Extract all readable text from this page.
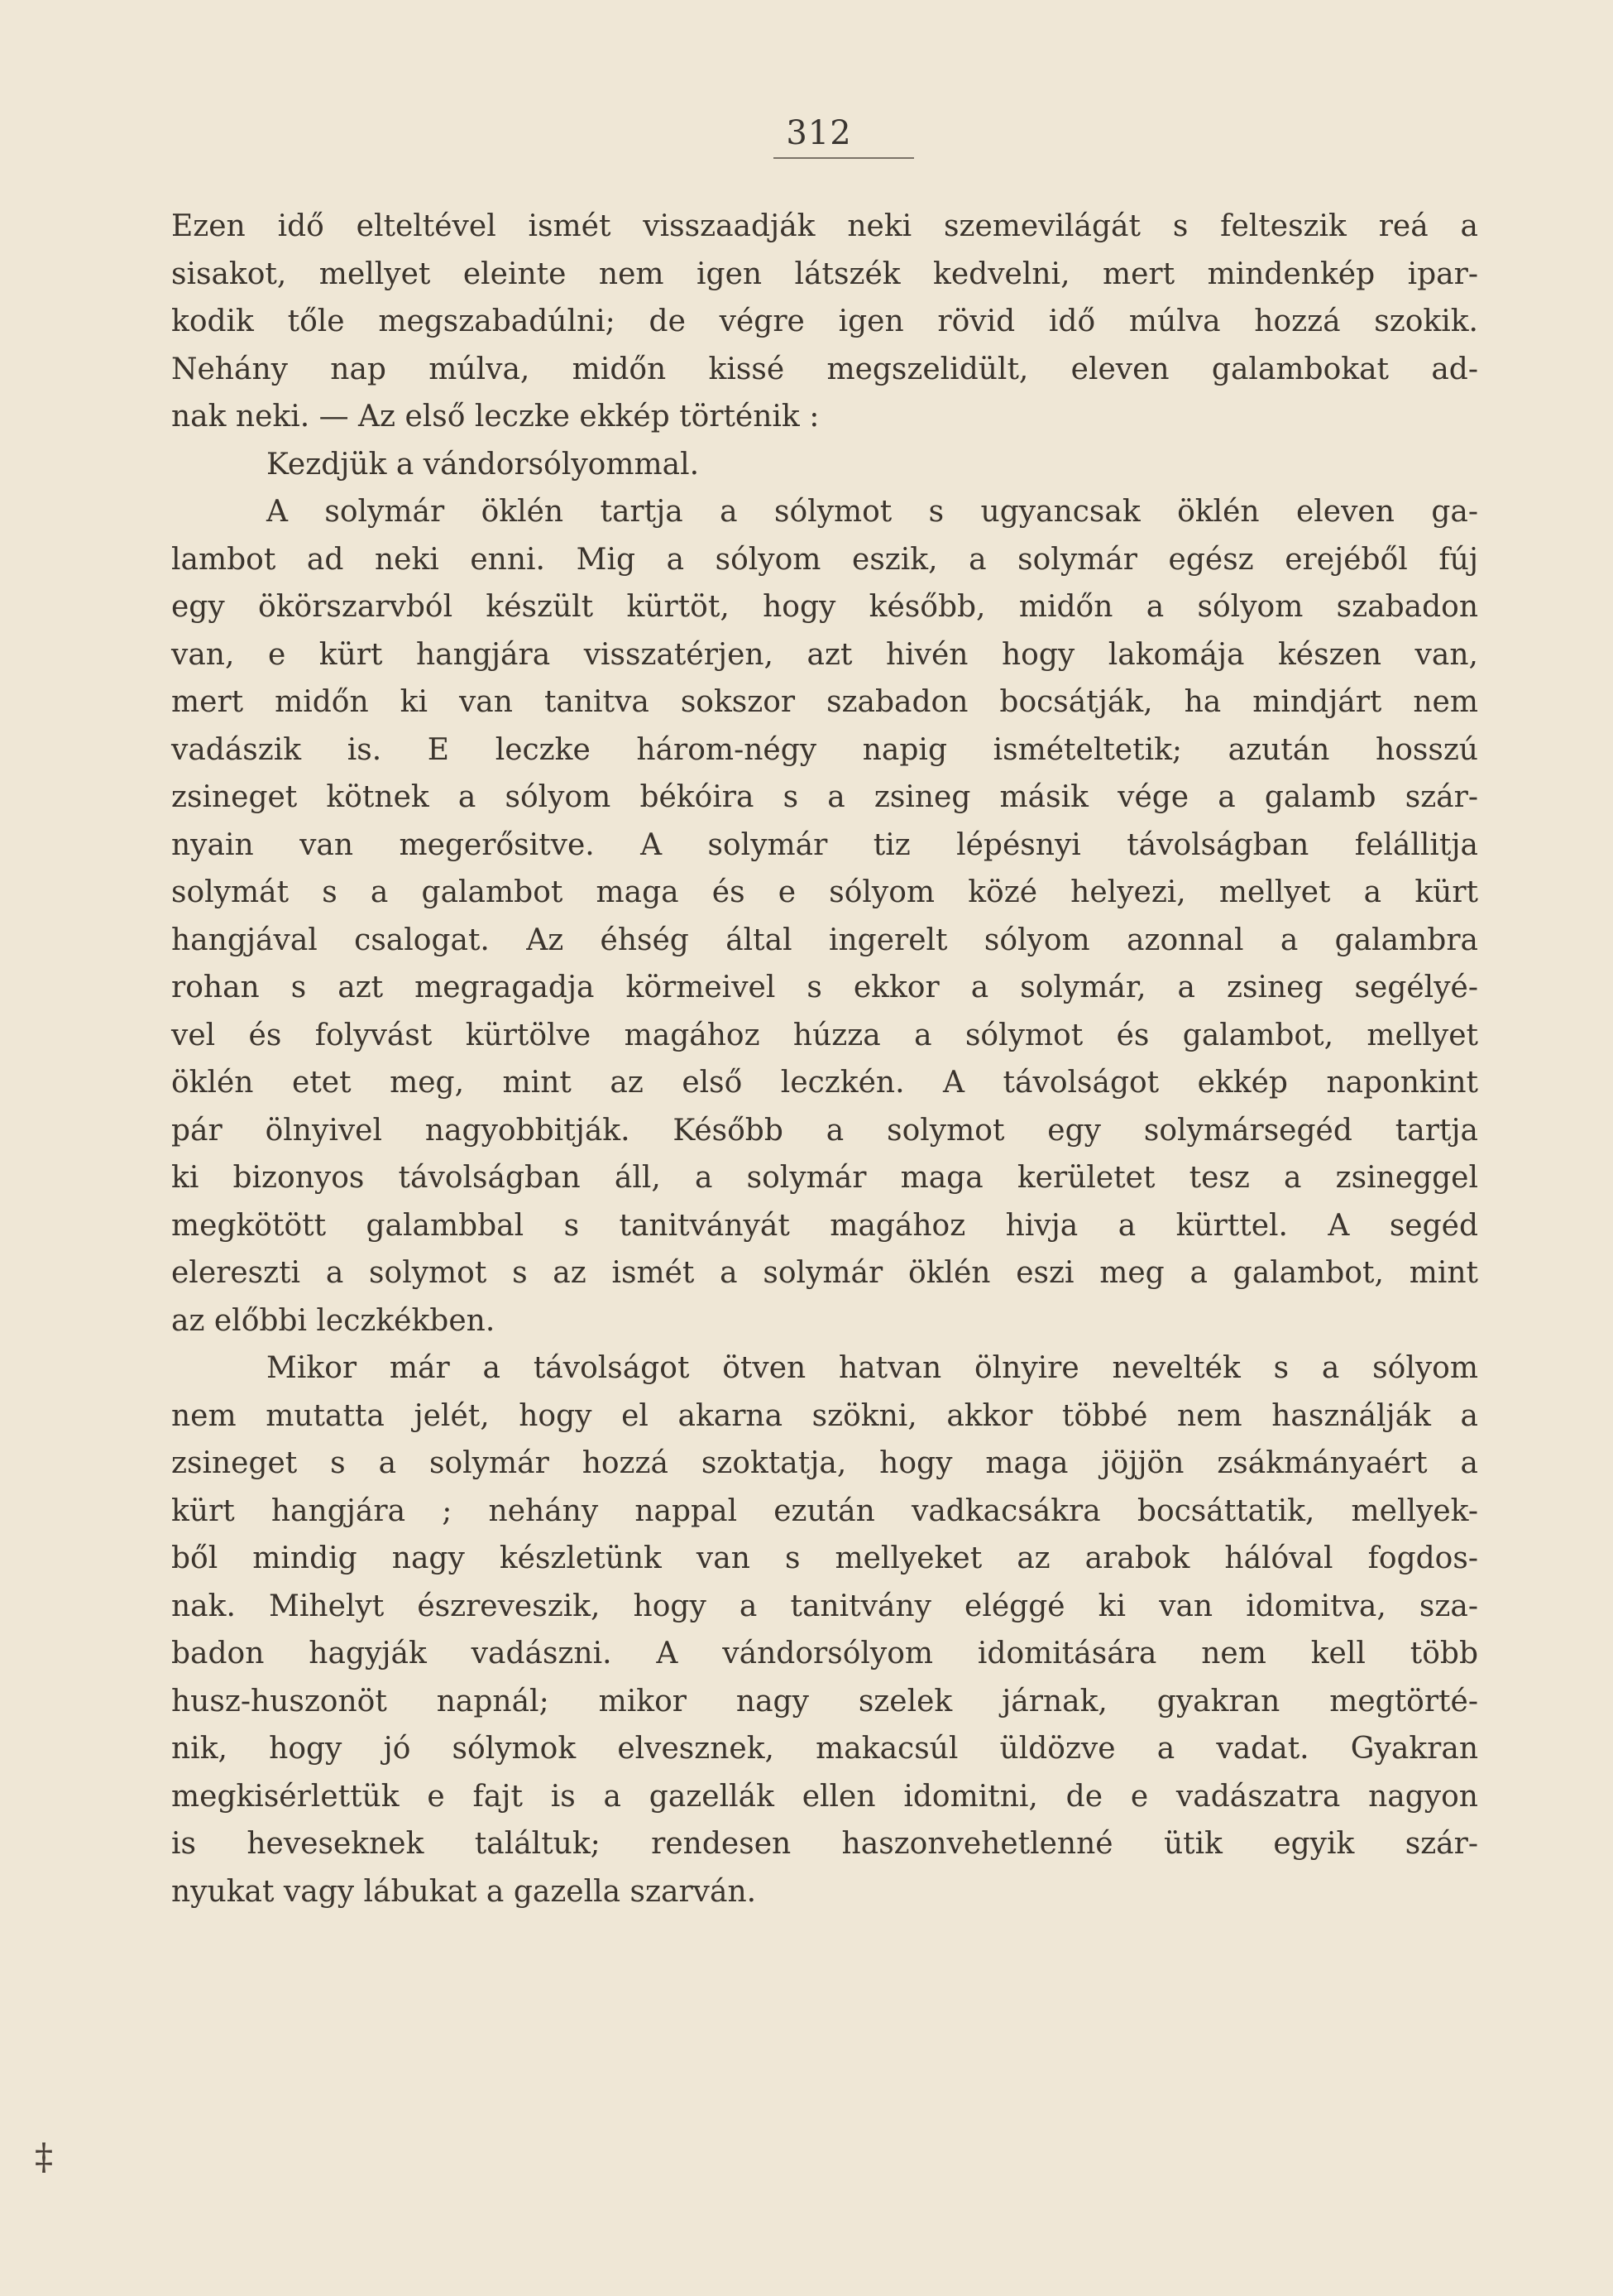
312
Ezen idő elteltével ismét visszaadják neki szemevilágát s felteszik reá a
sisakot, mellyet eleinte nem igen látszék kedvelni, mert mindenkép ipar-
kodik tőle megszabadúlni; de végre igen rövid idő múlva hozzá szokik.
Nehány nap múlva, midőn kissé megszelidült, eleven galambokat ad-
nak neki. — Az első leczke ekkép történik :
Kezdjük a vándorsólyommal.
A solymár öklén tartja a sólymot s ugyancsak öklén eleven ga-
lambot ad neki enni. Mig a sólyom eszik, a solymár egész erejéből fúj
egy ökörszarvból készült kürtöt, hogy később, midőn a sólyom szabadon
van, e kürt hangjára visszatérjen, azt hivén hogy lakomája készen van,
mert midőn ki van tanitva sokszor szabadon bocsátják, ha mindjárt nem
vadászik is. E leczke három-négy napig ismételtetik; azután hosszú
zsineget kötnek a sólyom békóira s a zsineg másik vége a galamb szár-
nyain van megerősitve. A solymár tiz lépésnyi távolságban felállitja
solymát s a galambot maga és e sólyom közé helyezi, mellyet a kürt
hangjával csalogat. Az éhség által ingerelt sólyom azonnal a galambra
rohan s azt megragadja körmeivel s ekkor a solymár, a zsineg segélyé-
vel és folyvást kürtölve magához húzza a sólymot és galambot, mellyet
öklén etet meg, mint az első leczkén. A távolságot ekkép naponkint
pár ölnyivel nagyobbitják. Később a solymot egy solymársegéd tartja
ki bizonyos távolságban áll, a solymár maga kerületet tesz a zsineggel
megkötött galambbal s tanitványát magához hivja a kürttel. A segéd
elereszti a solymot s az ismét a solymár öklén eszi meg a galambot, mint
az előbbi leczkékben.
Mikor már a távolságot ötven hatvan ölnyire nevelték s a sólyom
nem mutatta jelét, hogy el akarna szökni, akkor többé nem használják a
zsineget s a solymár hozzá szoktatja, hogy maga jöjjön zsákmányaért a
kürt hangjára ; nehány nappal ezután vadkacsákra bocsáttatik, mellyek-
ből mindig nagy készletünk van s mellyeket az arabok hálóval fogdos-
nak. Mihelyt észreveszik, hogy a tanitvány eléggé ki van idomitva, sza-
badon hagyják vadászni. A vándorsólyom idomitására nem kell több
husz-huszonöt napnál; mikor nagy szelek járnak, gyakran megtörté-
nik, hogy jó sólymok elvesznek, makacsúl üldözve a vadat. Gyakran
megkisérlettük e fajt is a gazellák ellen idomitni, de e vadászatra nagyon
is heveseknek találtuk; rendesen haszonvehetlenné ütik egyik szár-
nyukat vagy lábukat a gazella szarván.
‡
